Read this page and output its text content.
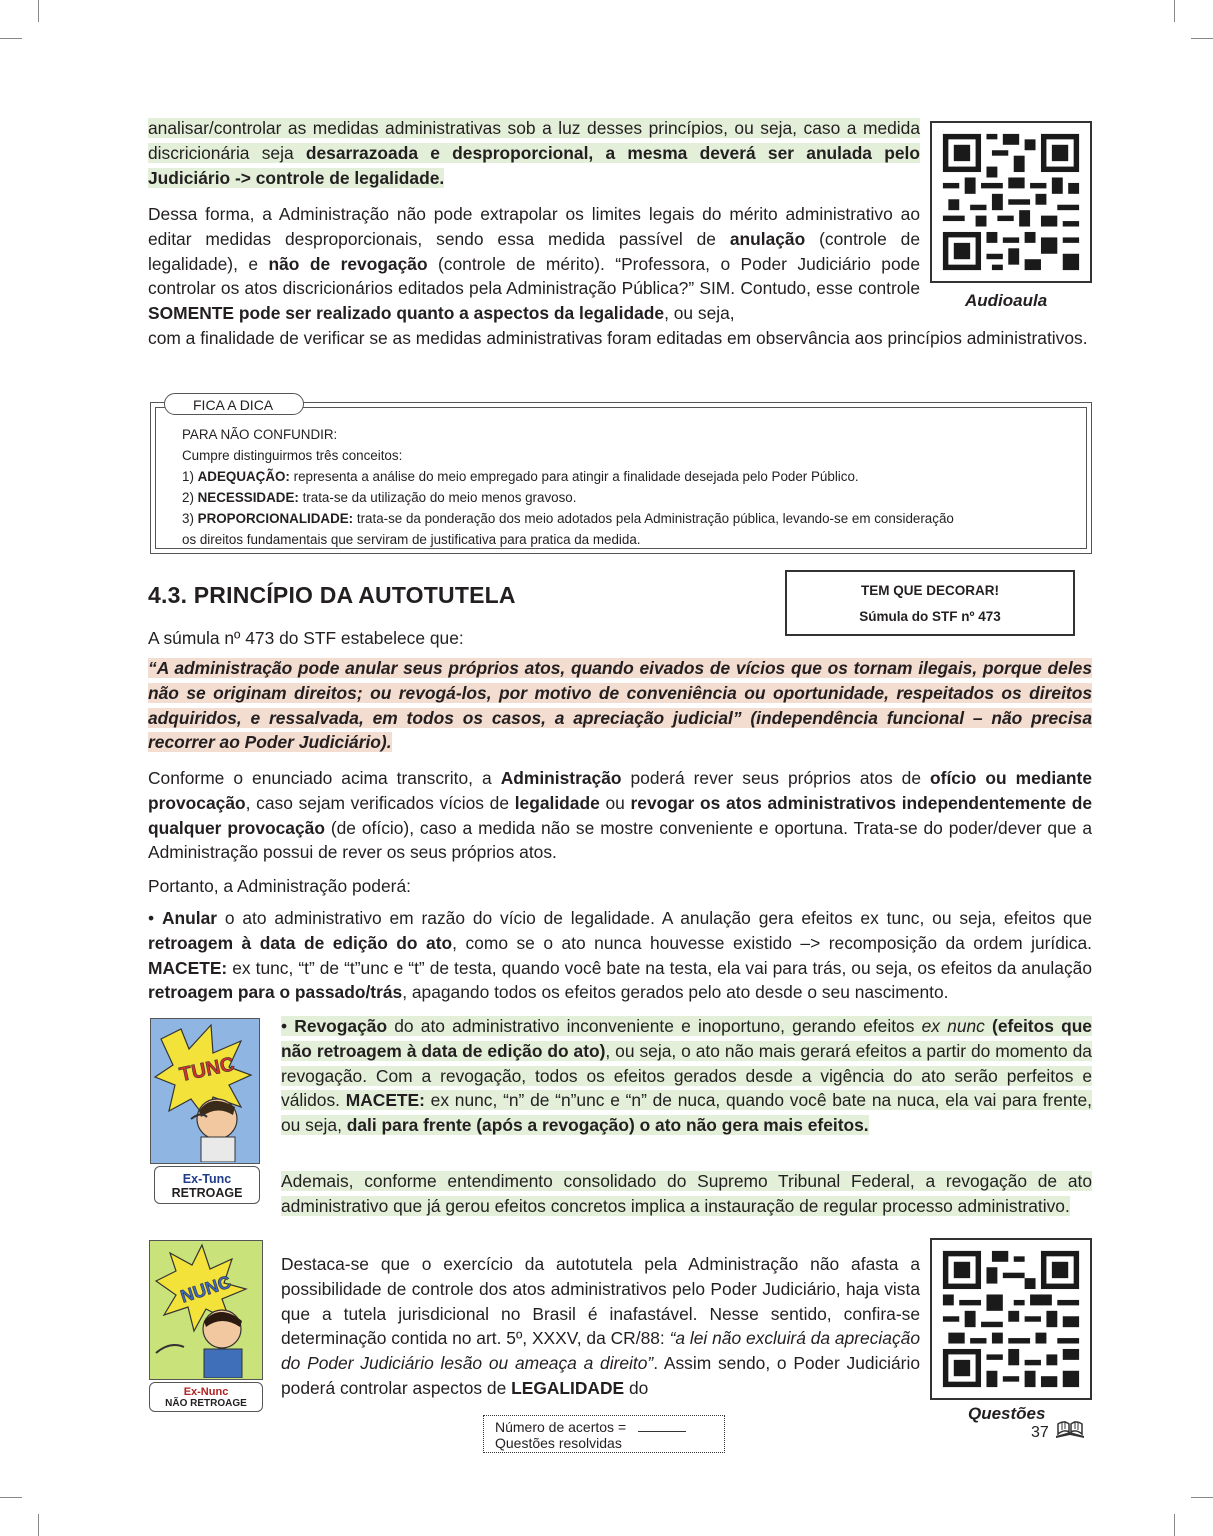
analisar/controlar as medidas administrativas sob a luz desses princípios, ou seja, caso a medida discricionária seja desarrazoada e desproporcional, a mesma deverá ser anulada pelo Judiciário -> controle de legalidade.

Dessa forma, a Administração não pode extrapolar os limites legais do mérito administrativo ao editar medidas desproporcionais, sendo essa medida passível de anulação (controle de legalidade), e não de revogação (controle de mérito). “Professora, o Poder Judiciário pode controlar os atos discricionários editados pela Administração Pública?” SIM. Contudo, esse controle SOMENTE pode ser realizado quanto a aspectos da legalidade, ou seja,

com a finalidade de verificar se as medidas administrativas foram editadas em observância aos princípios administrativos.

Audioaula
FICA A DICA
PARA NÃO CONFUNDIR:
Cumpre distinguirmos três conceitos:
1) ADEQUAÇÃO: representa a análise do meio empregado para atingir a finalidade desejada pelo Poder Público.
2) NECESSIDADE: trata-se da utilização do meio menos gravoso.
3) PROPORCIONALIDADE: trata-se da ponderação dos meio adotados pela Administração pública, levando-se em consideração
os direitos fundamentais que serviram de justificativa para pratica da medida.
4.3. PRINCÍPIO DA AUTOTUTELA	TEM QUE DECORAR!
Súmula do STF nº 473

A súmula nº 473 do STF estabelece que:

“A administração pode anular seus próprios atos, quando eivados de vícios que os tornam ilegais, porque deles não se originam direitos; ou revogá-los, por motivo de conveniência ou oportunidade, respeitados os direitos adquiridos, e ressalvada, em todos os casos, a apreciação judicial” (independência funcional – não precisa recorrer ao Poder Judiciário).

Conforme o enunciado acima transcrito, a Administração poderá rever seus próprios atos de ofício ou mediante provocação, caso sejam verificados vícios de legalidade ou revogar os atos administrativos independentemente de qualquer provocação (de ofício), caso a medida não se mostre conveniente e oportuna. Trata-se do poder/dever que a Administração possui de rever os seus próprios atos.

Portanto, a Administração poderá:

• Anular o ato administrativo em razão do vício de legalidade. A anulação gera efeitos ex tunc, ou seja, efeitos que retroagem à data de edição do ato, como se o ato nunca houvesse existido –> recomposição da ordem jurídica. MACETE: ex tunc, “t” de “t”unc e “t” de testa, quando você bate na testa, ela vai para trás, ou seja, os efeitos da anulação retroagem para o passado/trás, apagando todos os efeitos gerados pelo ato desde o seu nascimento.

• Revogação do ato administrativo inconveniente e inoportuno, gerando efeitos ex nunc (efeitos que não retroagem à data de edição do ato), ou seja, o ato não mais gerará efeitos a partir do momento da revogação. Com a revogação, todos os efeitos gerados desde a vigência do ato serão perfeitos e válidos. MACETE: ex nunc, “n” de “n”unc e “n” de nuca, quando você bate na nuca, ela vai para frente, ou seja, dali para frente (após a revogação) o ato não gera mais efeitos.

Ademais, conforme entendimento consolidado do Supremo Tribunal Federal, a revogação de ato administrativo que já gerou efeitos concretos implica a instauração de regular processo administrativo.

Destaca-se que o exercício da autotutela pela Administração não afasta a possibilidade de controle dos atos administrativos pelo Poder Judiciário, haja vista que a tutela jurisdicional no Brasil é inafastável. Nesse sentido, confira-se determinação contida no art. 5º, XXXV, da CR/88: “a lei não excluirá da apreciação do Poder Judiciário lesão ou ameaça a direito”. Assim sendo, o Poder Judiciário poderá controlar aspectos de LEGALIDADE do

Questões
TUNC
Ex-Tunc
RETROAGE
NUNC
Ex-Nunc
NÃO RETROAGE
Número de acertos =
Questões resolvidas
37
